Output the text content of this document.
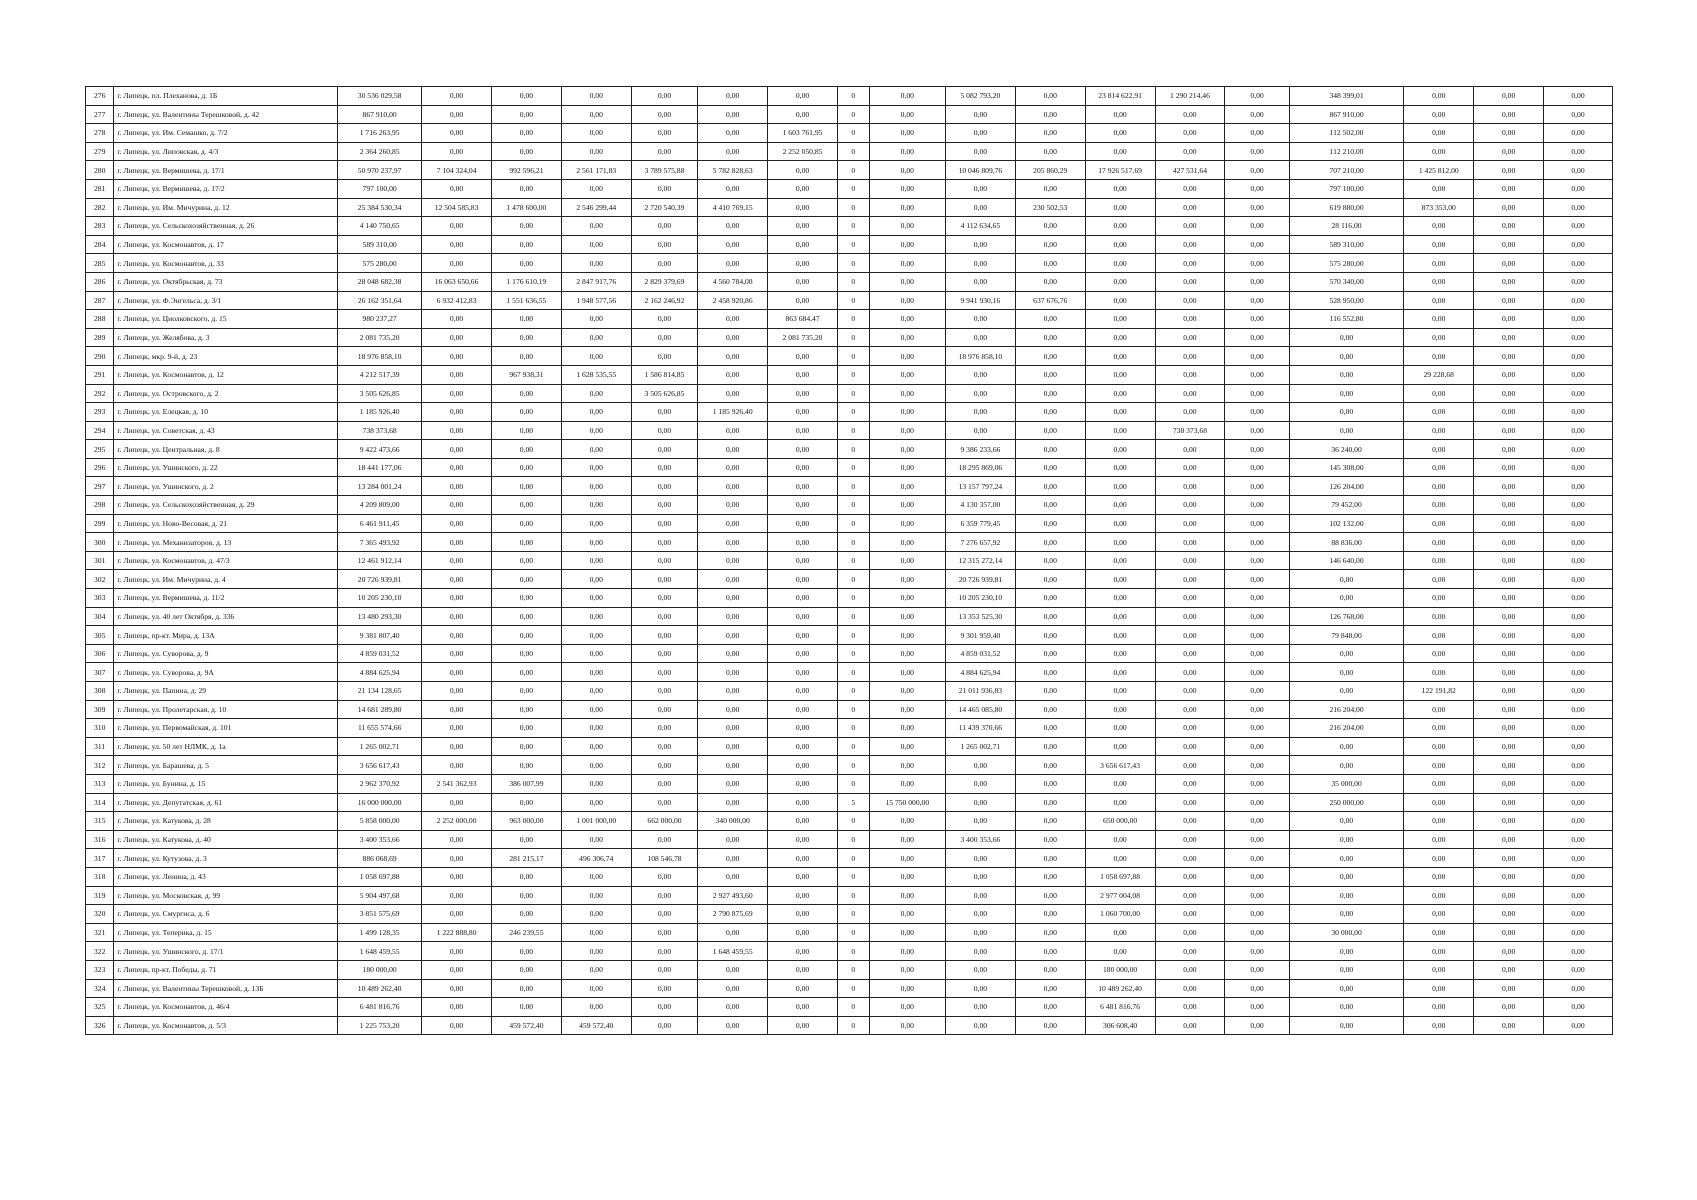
276	г. Липецк, пл. Плеханова, д. 1Б	30 536 029,58	0,00	0,00	0,00	0,00	0,00	0,00	0	0,00	5 082 793,20	0,00	23 814 622,91	1 290 214,46	0,00	348 399,01	0,00	0,00	0,00
277	г. Липецк, ул. Валентины Терешковой, д. 42	867 910,00	0,00	0,00	0,00	0,00	0,00	0,00	0	0,00	0,00	0,00	0,00	0,00	0,00	867 910,00	0,00	0,00	0,00
278	г. Липецк, ул. Им. Семашко, д. 7/2	1 716 263,95	0,00	0,00	0,00	0,00	0,00	1 603 761,95	0	0,00	0,00	0,00	0,00	0,00	0,00	112 502,00	0,00	0,00	0,00
279	г. Липецк, ул. Липовская, д. 4/3	2 364 260,85	0,00	0,00	0,00	0,00	0,00	2 252 050,85	0	0,00	0,00	0,00	0,00	0,00	0,00	112 210,00	0,00	0,00	0,00
280	г. Липецк, ул. Вермишева, д. 17/1	50 970 237,97	7 104 324,04	992 596,21	2 561 171,83	3 789 575,88	5 782 828,63	0,00	0	0,00	10 046 809,76	205 860,29	17 926 517,69	427 531,64	0,00	707 210,00	1 425 812,00	0,00	0,00
281	г. Липецк, ул. Вермишева, д. 17/2	797 100,00	0,00	0,00	0,00	0,00	0,00	0,00	0	0,00	0,00	0,00	0,00	0,00	0,00	797 100,00	0,00	0,00	0,00
282	г. Липецк, ул. Им. Мичурина, д. 12	25 384 530,34	12 504 585,83	1 478 600,00	2 546 299,44	2 720 540,39	4 410 769,15	0,00	0	0,00	0,00	230 502,53	0,00	0,00	0,00	619 880,00	873 353,00	0,00	0,00
283	г. Липецк, ул. Сельскохозяйственная, д. 26	4 140 750,65	0,00	0,00	0,00	0,00	0,00	0,00	0	0,00	4 112 634,65	0,00	0,00	0,00	0,00	28 116,00	0,00	0,00	0,00
284	г. Липецк, ул. Космонавтов, д. 17	589 310,00	0,00	0,00	0,00	0,00	0,00	0,00	0	0,00	0,00	0,00	0,00	0,00	0,00	589 310,00	0,00	0,00	0,00
285	г. Липецк, ул. Космонавтов, д. 33	575 280,00	0,00	0,00	0,00	0,00	0,00	0,00	0	0,00	0,00	0,00	0,00	0,00	0,00	575 280,00	0,00	0,00	0,00
286	г. Липецк, ул. Октябрьская, д. 73	28 048 682,38	16 063 650,66	1 176 610,19	2 847 917,76	2 829 379,69	4 560 784,08	0,00	0	0,00	0,00	0,00	0,00	0,00	0,00	570 340,00	0,00	0,00	0,00
287	г. Липецк, ул. Ф.Энгельса, д. 3/1	26 162 351,64	6 932 412,83	1 551 636,55	1 948 577,56	2 162 246,92	2 458 920,86	0,00	0	0,00	9 941 930,16	637 676,76	0,00	0,00	0,00	528 950,00	0,00	0,00	0,00
288	г. Липецк, ул. Циолковского, д. 15	980 237,27	0,00	0,00	0,00	0,00	0,00	863 684,47	0	0,00	0,00	0,00	0,00	0,00	0,00	116 552,80	0,00	0,00	0,00
289	г. Липецк, ул. Желябова, д. 3	2 081 735,20	0,00	0,00	0,00	0,00	0,00	2 081 735,20	0	0,00	0,00	0,00	0,00	0,00	0,00	0,00	0,00	0,00	0,00
290	г. Липецк, мкр. 9-й, д. 23	18 976 858,10	0,00	0,00	0,00	0,00	0,00	0,00	0	0,00	18 976 858,10	0,00	0,00	0,00	0,00	0,00	0,00	0,00	0,00
291	г. Липецк, ул. Космонавтов, д. 12	4 212 517,39	0,00	967 938,31	1 628 535,55	1 586 814,85	0,00	0,00	0	0,00	0,00	0,00	0,00	0,00	0,00	0,00	29 228,68	0,00	0,00
292	г. Липецк, ул. Островского, д. 2	3 505 626,85	0,00	0,00	0,00	3 505 626,85	0,00	0,00	0	0,00	0,00	0,00	0,00	0,00	0,00	0,00	0,00	0,00	0,00
293	г. Липецк, ул. Елецкая, д. 10	1 185 926,40	0,00	0,00	0,00	0,00	1 185 926,40	0,00	0	0,00	0,00	0,00	0,00	0,00	0,00	0,00	0,00	0,00	0,00
294	г. Липецк, ул. Советская, д. 43	738 373,68	0,00	0,00	0,00	0,00	0,00	0,00	0	0,00	0,00	0,00	0,00	738 373,68	0,00	0,00	0,00	0,00	0,00
295	г. Липецк, ул. Центральная, д. 8	9 422 473,66	0,00	0,00	0,00	0,00	0,00	0,00	0	0,00	9 386 233,66	0,00	0,00	0,00	0,00	36 240,00	0,00	0,00	0,00
296	г. Липецк, ул. Ушинского, д. 22	18 441 177,06	0,00	0,00	0,00	0,00	0,00	0,00	0	0,00	18 295 869,06	0,00	0,00	0,00	0,00	145 308,00	0,00	0,00	0,00
297	г. Липецк, ул. Ушинского, д. 2	13 284 001,24	0,00	0,00	0,00	0,00	0,00	0,00	0	0,00	13 157 797,24	0,00	0,00	0,00	0,00	126 204,00	0,00	0,00	0,00
298	г. Липецк, ул. Сельскохозяйственная, д. 29	4 209 809,00	0,00	0,00	0,00	0,00	0,00	0,00	0	0,00	4 130 357,00	0,00	0,00	0,00	0,00	79 452,00	0,00	0,00	0,00
299	г. Липецк, ул. Ново-Весовая, д. 21	6 461 911,45	0,00	0,00	0,00	0,00	0,00	0,00	0	0,00	6 359 779,45	0,00	0,00	0,00	0,00	102 132,00	0,00	0,00	0,00
300	г. Липецк, ул. Механизаторов, д. 13	7 365 493,92	0,00	0,00	0,00	0,00	0,00	0,00	0	0,00	7 276 657,92	0,00	0,00	0,00	0,00	88 836,00	0,00	0,00	0,00
301	г. Липецк, ул. Космонавтов, д. 47/3	12 461 912,14	0,00	0,00	0,00	0,00	0,00	0,00	0	0,00	12 315 272,14	0,00	0,00	0,00	0,00	146 640,00	0,00	0,00	0,00
302	г. Липецк, ул. Им. Мичурина, д. 4	20 726 939,81	0,00	0,00	0,00	0,00	0,00	0,00	0	0,00	20 726 939,81	0,00	0,00	0,00	0,00	0,00	0,00	0,00	0,00
303	г. Липецк, ул. Вермишева, д. 11/2	10 205 230,10	0,00	0,00	0,00	0,00	0,00	0,00	0	0,00	10 205 230,10	0,00	0,00	0,00	0,00	0,00	0,00	0,00	0,00
304	г. Липецк, ул. 40 лет Октября, д. 336	13 480 293,30	0,00	0,00	0,00	0,00	0,00	0,00	0	0,00	13 353 525,30	0,00	0,00	0,00	0,00	126 768,00	0,00	0,00	0,00
305	г. Липецк, пр-кт. Мира, д. 13А	9 381 807,40	0,00	0,00	0,00	0,00	0,00	0,00	0	0,00	9 301 959,40	0,00	0,00	0,00	0,00	79 848,00	0,00	0,00	0,00
306	г. Липецк, ул. Суворова, д. 9	4 859 031,52	0,00	0,00	0,00	0,00	0,00	0,00	0	0,00	4 859 031,52	0,00	0,00	0,00	0,00	0,00	0,00	0,00	0,00
307	г. Липецк, ул. Суворова, д. 9А	4 884 625,94	0,00	0,00	0,00	0,00	0,00	0,00	0	0,00	4 884 625,94	0,00	0,00	0,00	0,00	0,00	0,00	0,00	0,00
308	г. Липецк, ул. Папина, д. 29	21 134 128,65	0,00	0,00	0,00	0,00	0,00	0,00	0	0,00	21 011 936,83	0,00	0,00	0,00	0,00	0,00	122 191,82	0,00	0,00
309	г. Липецк, ул. Пролетарская, д. 10	14 681 289,80	0,00	0,00	0,00	0,00	0,00	0,00	0	0,00	14 465 085,80	0,00	0,00	0,00	0,00	216 204,00	0,00	0,00	0,00
310	г. Липецк, ул. Первомайская, д. 101	11 655 574,66	0,00	0,00	0,00	0,00	0,00	0,00	0	0,00	11 439 370,66	0,00	0,00	0,00	0,00	216 204,00	0,00	0,00	0,00
311	г. Липецк, ул. 50 лет НЛМК, д. 1а	1 265 002,71	0,00	0,00	0,00	0,00	0,00	0,00	0	0,00	1 265 002,71	0,00	0,00	0,00	0,00	0,00	0,00	0,00	0,00
312	г. Липецк, ул. Барашева, д. 5	3 656 617,43	0,00	0,00	0,00	0,00	0,00	0,00	0	0,00	0,00	0,00	3 656 617,43	0,00	0,00	0,00	0,00	0,00	0,00
313	г. Липецк, ул. Бунина, д. 15	2 962 370,92	2 541 362,93	386 007,99	0,00	0,00	0,00	0,00	0	0,00	0,00	0,00	0,00	0,00	0,00	35 000,00	0,00	0,00	0,00
314	г. Липецк, ул. Депутатская, д. 61	16 000 000,00	0,00	0,00	0,00	0,00	0,00	0,00	5	15 750 000,00	0,00	0,00	0,00	0,00	0,00	250 000,00	0,00	0,00	0,00
315	г. Липецк, ул. Катукова, д. 28	5 858 000,00	2 252 000,00	963 000,00	1 001 000,00	662 000,00	340 000,00	0,00	0	0,00	0,00	0,00	650 000,00	0,00	0,00	0,00	0,00	0,00	0,00
316	г. Липецк, ул. Катукова, д. 40	3 400 353,66	0,00	0,00	0,00	0,00	0,00	0,00	0	0,00	3 400 353,66	0,00	0,00	0,00	0,00	0,00	0,00	0,00	0,00
317	г. Липецк, ул. Кутузова, д. 3	886 068,69	0,00	281 215,17	496 306,74	108 546,78	0,00	0,00	0	0,00	0,00	0,00	0,00	0,00	0,00	0,00	0,00	0,00	0,00
318	г. Липецк, ул. Ленина, д. 43	1 058 697,88	0,00	0,00	0,00	0,00	0,00	0,00	0	0,00	0,00	0,00	1 058 697,88	0,00	0,00	0,00	0,00	0,00	0,00
319	г. Липецк, ул. Московская, д. 99	5 904 497,68	0,00	0,00	0,00	0,00	2 927 493,60	0,00	0	0,00	0,00	0,00	2 977 004,08	0,00	0,00	0,00	0,00	0,00	0,00
320	г. Липецк, ул. Смургиса, д. 6	3 851 575,69	0,00	0,00	0,00	0,00	2 790 875,69	0,00	0	0,00	0,00	0,00	1 060 700,00	0,00	0,00	0,00	0,00	0,00	0,00
321	г. Липецк, ул. Теперика, д. 15	1 499 128,35	1 222 888,80	246 239,55	0,00	0,00	0,00	0,00	0	0,00	0,00	0,00	0,00	0,00	0,00	30 000,00	0,00	0,00	0,00
322	г. Липецк, ул. Ушинского, д. 17/1	1 648 459,55	0,00	0,00	0,00	0,00	1 648 459,55	0,00	0	0,00	0,00	0,00	0,00	0,00	0,00	0,00	0,00	0,00	0,00
323	г. Липецк, пр-кт. Победы, д. 71	180 000,00	0,00	0,00	0,00	0,00	0,00	0,00	0	0,00	0,00	0,00	180 000,00	0,00	0,00	0,00	0,00	0,00	0,00
324	г. Липецк, ул. Валентины Терешковой, д. 13Б	10 489 262,40	0,00	0,00	0,00	0,00	0,00	0,00	0	0,00	0,00	0,00	10 489 262,40	0,00	0,00	0,00	0,00	0,00	0,00
325	г. Липецк, ул. Космонавтов, д. 46/4	6 481 816,76	0,00	0,00	0,00	0,00	0,00	0,00	0	0,00	0,00	0,00	6 481 816,76	0,00	0,00	0,00	0,00	0,00	0,00
326	г. Липецк, ул. Космонавтов, д. 5/3	1 225 753,20	0,00	459 572,40	459 572,40	0,00	0,00	0,00	0	0,00	0,00	0,00	306 608,40	0,00	0,00	0,00	0,00	0,00	0,00
